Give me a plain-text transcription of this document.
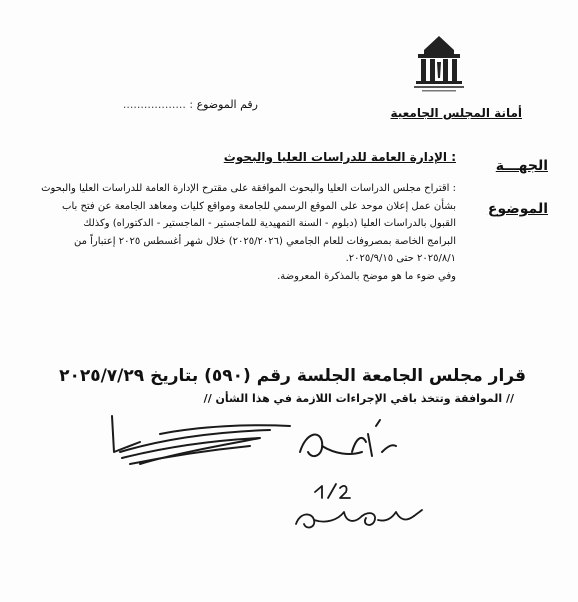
أمانة المجلس الجامعية
رقم الموضوع : ..................
الجهـــة
: الإدارة العامة للدراسات العليا والبحوث
الموضوع
: اقتراح مجلس الدراسات العليا والبحوث الموافقة على مقترح الإدارة العامة للدراسات العليا والبحوث
بشأن عمل إعلان موحد على الموقع الرسمي للجامعة ومواقع كليات ومعاهد الجامعة عن فتح باب
القبول بالدراسات العليا (دبلوم - السنة التمهيدية للماجستير - الماجستير - الدكتوراه) وكذلك
البرامج الخاصة بمصروفات للعام الجامعي (٢٠٢٥/٢٠٢٦) خلال شهر أغسطس ٢٠٢٥ إعتباراً من
٢٠٢٥/٨/١ حتى ٢٠٢٥/٩/١٥.
وفي ضوء ما هو موضح بالمذكرة المعروضة.
قرار مجلس الجامعة الجلسة رقم (٥٩٠) بتاريخ ٢٠٢٥/٧/٢٩
// الموافقة وتتخذ باقي الإجراءات اللازمة في هذا الشأن //
